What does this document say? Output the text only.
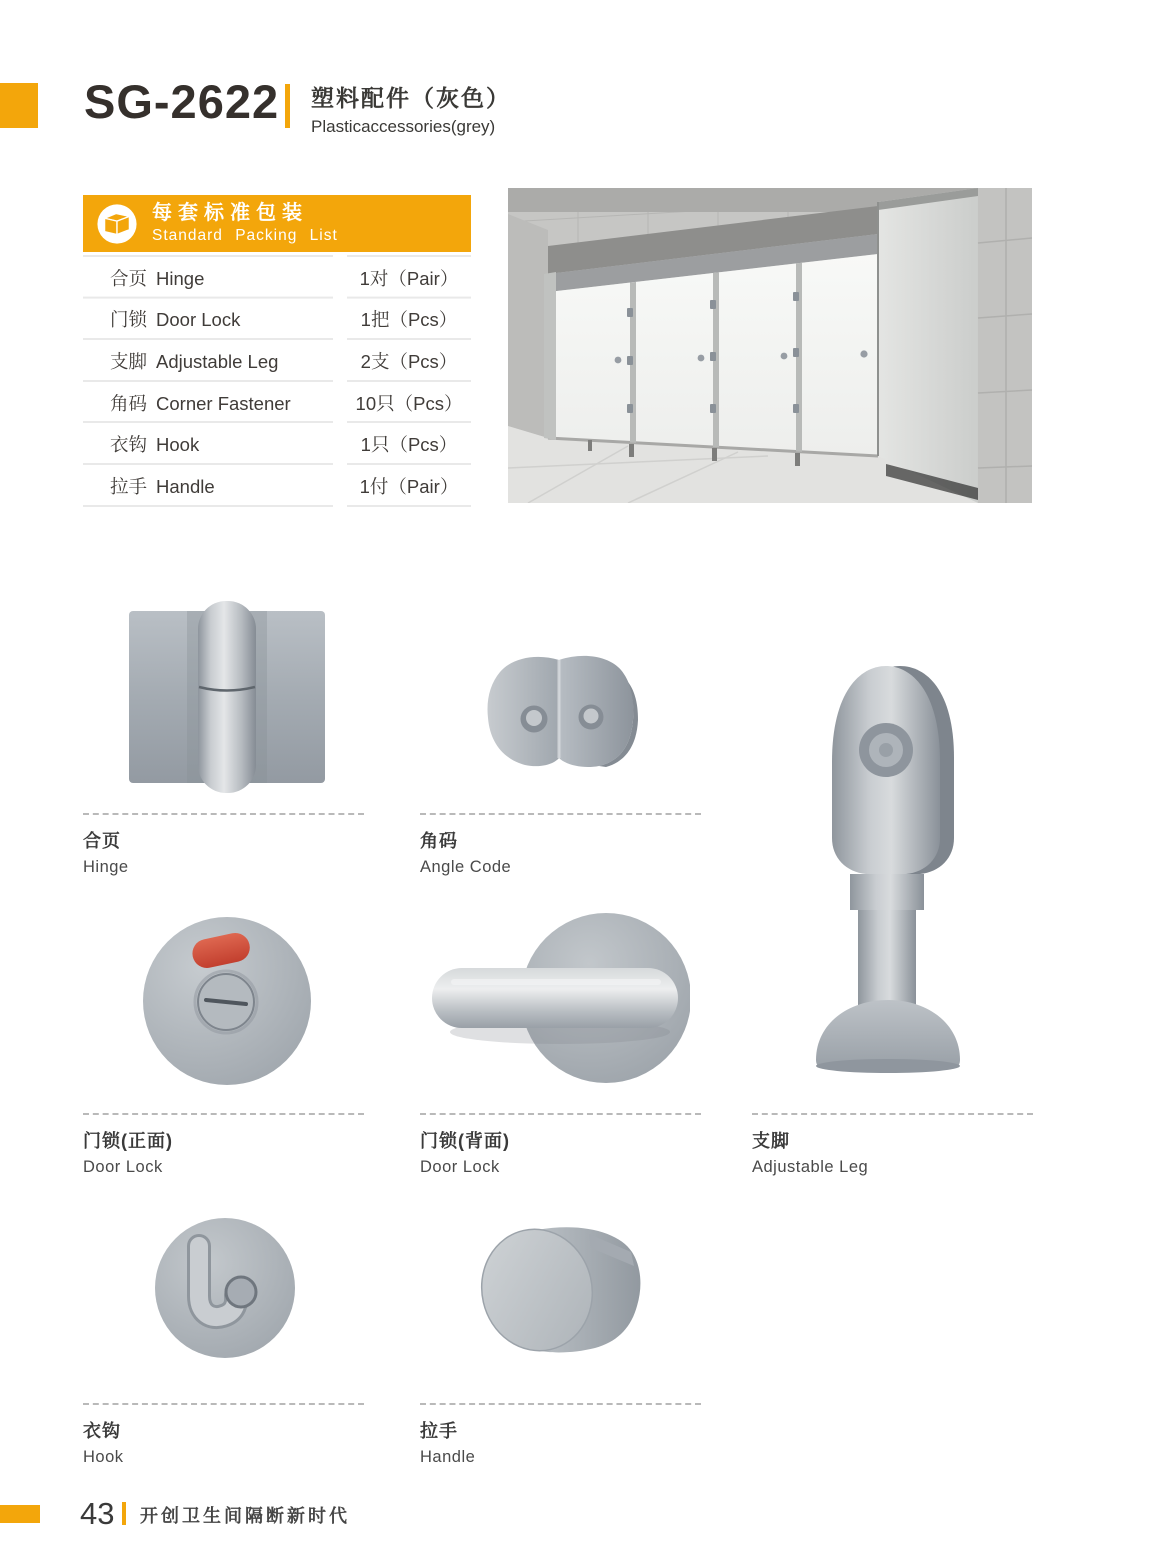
SG-2622 塑料配件（灰色）
Plasticaccessories(grey)
每套标准包装
Standard Packing List
合页 Hinge	1对（Pair）
门锁 Door Lock	1把（Pcs）
支脚 Adjustable Leg	2支（Pcs）
角码 Corner Fastener	10只（Pcs）
衣钩 Hook	1只（Pcs）
拉手 Handle	1付（Pair）
合页
Hinge
角码
Angle Code
支脚
Adjustable Leg
门锁(正面)
Door Lock
门锁(背面)
Door Lock
衣钩
Hook
拉手
Handle
43 开创卫生间隔断新时代
